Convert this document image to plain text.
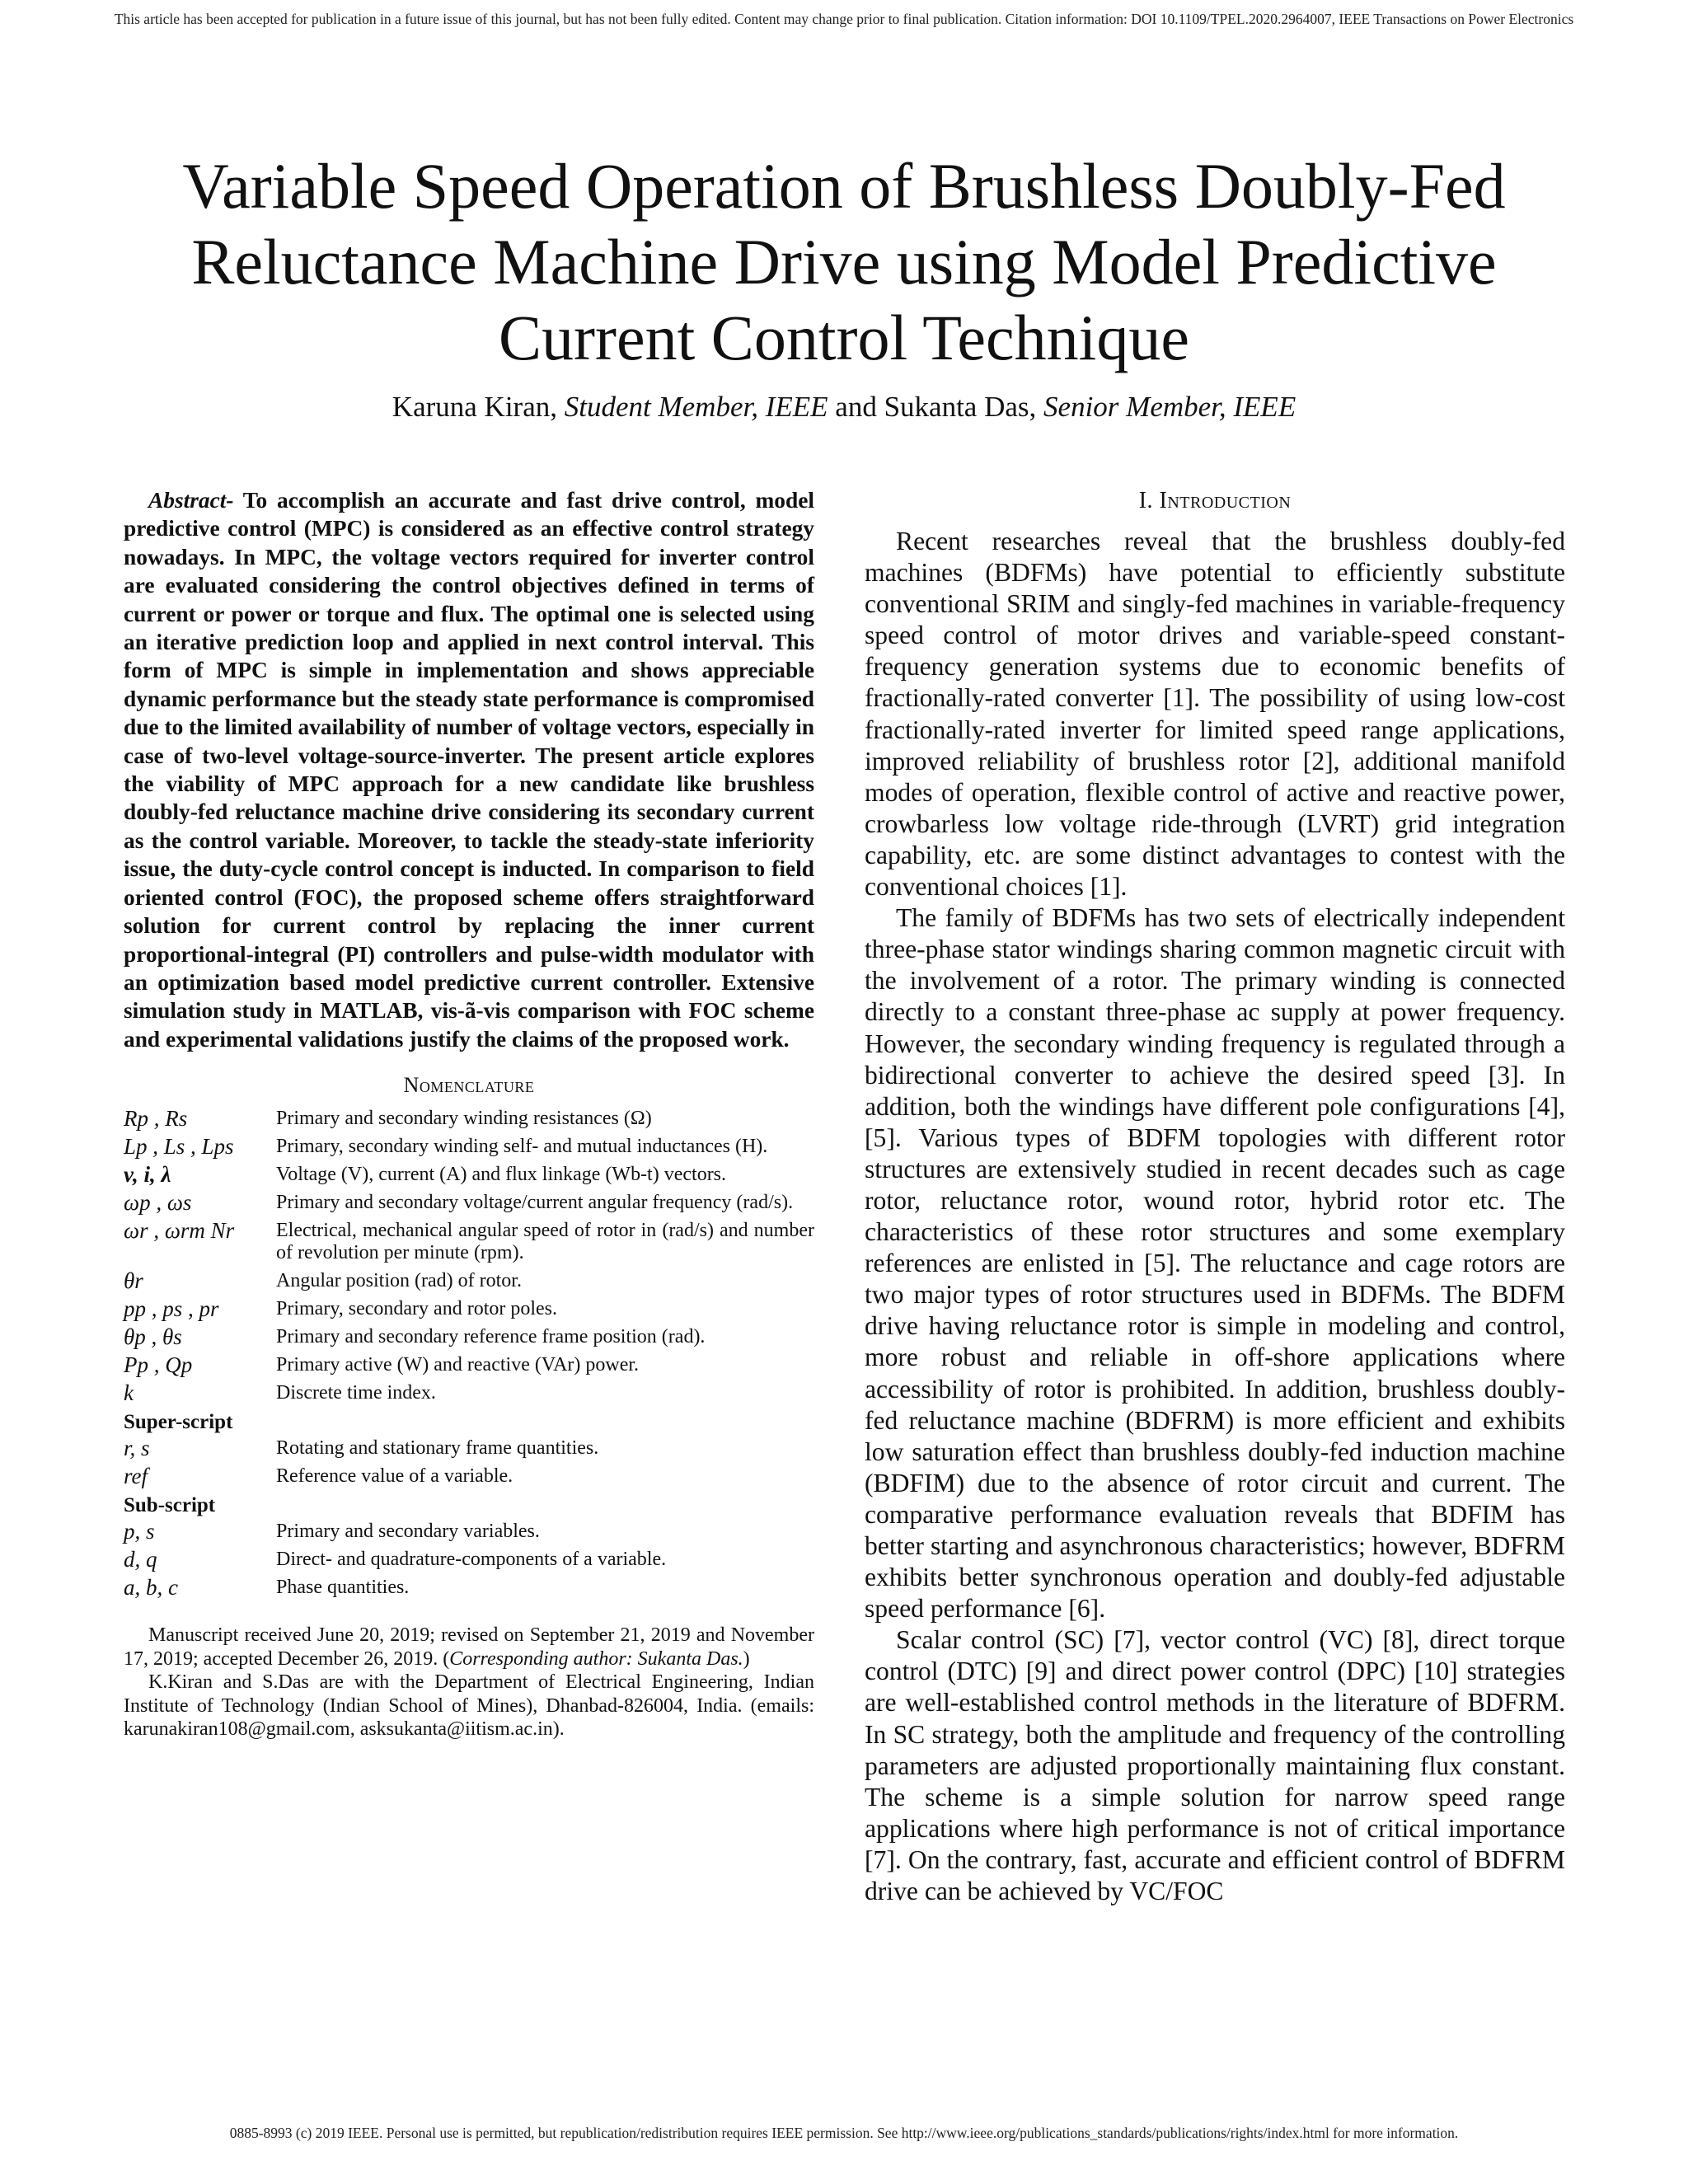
This article has been accepted for publication in a future issue of this journal, but has not been fully edited. Content may change prior to final publication. Citation information: DOI 10.1109/TPEL.2020.2964007, IEEE Transactions on Power Electronics
Variable Speed Operation of Brushless Doubly-Fed Reluctance Machine Drive using Model Predictive Current Control Technique
Karuna Kiran, Student Member, IEEE and Sukanta Das, Senior Member, IEEE

Abstract- To accomplish an accurate and fast drive control, model predictive control (MPC) is considered as an effective control strategy nowadays. In MPC, the voltage vectors required for inverter control are evaluated considering the control objectives defined in terms of current or power or torque and flux. The optimal one is selected using an iterative prediction loop and applied in next control interval. This form of MPC is simple in implementation and shows appreciable dynamic performance but the steady state performance is compromised due to the limited availability of number of voltage vectors, especially in case of two-level voltage-source-inverter. The present article explores the viability of MPC approach for a new candidate like brushless doubly-fed reluctance machine drive considering its secondary current as the control variable. Moreover, to tackle the steady-state inferiority issue, the duty-cycle control concept is inducted. In comparison to field oriented control (FOC), the proposed scheme offers straightforward solution for current control by replacing the inner current proportional-integral (PI) controllers and pulse-width modulator with an optimization based model predictive current controller. Extensive simulation study in MATLAB, vis-ã-vis comparison with FOC scheme and experimental validations justify the claims of the proposed work.

Nomenclature
Rp , Rs	Primary and secondary winding resistances (Ω)
Lp , Ls , Lps	Primary, secondary winding self- and mutual inductances (H).
v, i, λ	Voltage (V), current (A) and flux linkage (Wb-t) vectors.
ωp , ωs	Primary and secondary voltage/current angular frequency (rad/s).
ωr , ωrm Nr	Electrical, mechanical angular speed of rotor in (rad/s) and number of revolution per minute (rpm).
θr	Angular position (rad) of rotor.
pp , ps , pr	Primary, secondary and rotor poles.
θp , θs	Primary and secondary reference frame position (rad).
Pp , Qp	Primary active (W) and reactive (VAr) power.
k	Discrete time index.
Super-script
r, s	Rotating and stationary frame quantities.
ref	Reference value of a variable.
Sub-script
p, s	Primary and secondary variables.
d, q	Direct- and quadrature-components of a variable.
a, b, c	Phase quantities.

Manuscript received June 20, 2019; revised on September 21, 2019 and November 17, 2019; accepted December 26, 2019. (Corresponding author: Sukanta Das.)

K.Kiran and S.Das are with the Department of Electrical Engineering, Indian Institute of Technology (Indian School of Mines), Dhanbad-826004, India. (emails: karunakiran108@gmail.com, asksukanta@iitism.ac.in).

I. Introduction

Recent researches reveal that the brushless doubly-fed machines (BDFMs) have potential to efficiently substitute conventional SRIM and singly-fed machines in variable-frequency speed control of motor drives and variable-speed constant-frequency generation systems due to economic benefits of fractionally-rated converter [1]. The possibility of using low-cost fractionally-rated inverter for limited speed range applications, improved reliability of brushless rotor [2], additional manifold modes of operation, flexible control of active and reactive power, crowbarless low voltage ride-through (LVRT) grid integration capability, etc. are some distinct advantages to contest with the conventional choices [1].

The family of BDFMs has two sets of electrically independent three-phase stator windings sharing common magnetic circuit with the involvement of a rotor. The primary winding is connected directly to a constant three-phase ac supply at power frequency. However, the secondary winding frequency is regulated through a bidirectional converter to achieve the desired speed [3]. In addition, both the windings have different pole configurations [4], [5]. Various types of BDFM topologies with different rotor structures are extensively studied in recent decades such as cage rotor, reluctance rotor, wound rotor, hybrid rotor etc. The characteristics of these rotor structures and some exemplary references are enlisted in [5]. The reluctance and cage rotors are two major types of rotor structures used in BDFMs. The BDFM drive having reluctance rotor is simple in modeling and control, more robust and reliable in off-shore applications where accessibility of rotor is prohibited. In addition, brushless doubly-fed reluctance machine (BDFRM) is more efficient and exhibits low saturation effect than brushless doubly-fed induction machine (BDFIM) due to the absence of rotor circuit and current. The comparative performance evaluation reveals that BDFIM has better starting and asynchronous characteristics; however, BDFRM exhibits better synchronous operation and doubly-fed adjustable speed performance [6].

Scalar control (SC) [7], vector control (VC) [8], direct torque control (DTC) [9] and direct power control (DPC) [10] strategies are well-established control methods in the literature of BDFRM. In SC strategy, both the amplitude and frequency of the controlling parameters are adjusted proportionally maintaining flux constant. The scheme is a simple solution for narrow speed range applications where high performance is not of critical importance [7]. On the contrary, fast, accurate and efficient control of BDFRM drive can be achieved by VC/FOC

0885-8993 (c) 2019 IEEE. Personal use is permitted, but republication/redistribution requires IEEE permission. See http://www.ieee.org/publications_standards/publications/rights/index.html for more information.
